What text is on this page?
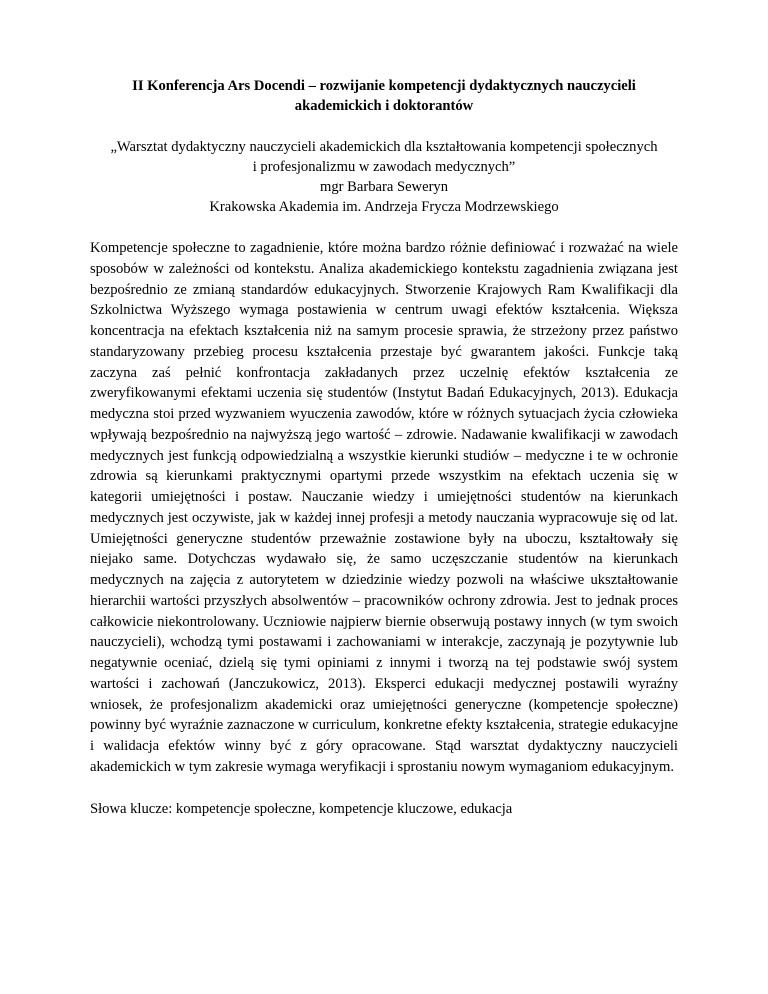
II Konferencja Ars Docendi – rozwijanie kompetencji dydaktycznych nauczycieli
akademickich i doktorantów
„Warsztat dydaktyczny nauczycieli akademickich dla kształtowania kompetencji społecznych
i profesjonalizmu w zawodach medycznych”
mgr Barbara Seweryn
Krakowska Akademia im. Andrzeja Frycza Modrzewskiego

Kompetencje społeczne to zagadnienie, które można bardzo różnie definiować i rozważać na wiele sposobów w zależności od kontekstu. Analiza akademickiego kontekstu zagadnienia związana jest bezpośrednio ze zmianą standardów edukacyjnych. Stworzenie Krajowych Ram Kwalifikacji dla Szkolnictwa Wyższego wymaga postawienia w centrum uwagi efektów kształcenia. Większa koncentracja na efektach kształcenia niż na samym procesie sprawia, że strzeżony przez państwo standaryzowany przebieg procesu kształcenia przestaje być gwarantem jakości. Funkcje taką zaczyna zaś pełnić konfrontacja zakładanych przez uczelnię efektów kształcenia ze zweryfikowanymi efektami uczenia się studentów (Instytut Badań Edukacyjnych, 2013). Edukacja medyczna stoi przed wyzwaniem wyuczenia zawodów, które w różnych sytuacjach życia człowieka wpływają bezpośrednio na najwyższą jego wartość – zdrowie. Nadawanie kwalifikacji w zawodach medycznych jest funkcją odpowiedzialną a wszystkie kierunki studiów – medyczne i te w ochronie zdrowia są kierunkami praktycznymi opartymi przede wszystkim na efektach uczenia się w kategorii umiejętności i postaw. Nauczanie wiedzy i umiejętności studentów na kierunkach medycznych jest oczywiste, jak w każdej innej profesji a metody nauczania wypracowuje się od lat. Umiejętności generyczne studentów przeważnie zostawione były na uboczu, kształtowały się niejako same. Dotychczas wydawało się, że samo uczęszczanie studentów na kierunkach medycznych na zajęcia z autorytetem w dziedzinie wiedzy pozwoli na właściwe ukształtowanie hierarchii wartości przyszłych absolwentów – pracowników ochrony zdrowia. Jest to jednak proces całkowicie niekontrolowany. Uczniowie najpierw biernie obserwują postawy innych (w tym swoich nauczycieli), wchodzą tymi postawami i zachowaniami w interakcje, zaczynają je pozytywnie lub negatywnie oceniać, dzielą się tymi opiniami z innymi i tworzą na tej podstawie swój system wartości i zachowań (Janczukowicz, 2013). Eksperci edukacji medycznej postawili wyraźny wniosek, że profesjonalizm akademicki oraz umiejętności generyczne (kompetencje społeczne) powinny być wyraźnie zaznaczone w curriculum, konkretne efekty kształcenia, strategie edukacyjne i walidacja efektów winny być z góry opracowane. Stąd warsztat dydaktyczny nauczycieli akademickich w tym zakresie wymaga weryfikacji i sprostaniu nowym wymaganiom edukacyjnym.

Słowa klucze: kompetencje społeczne, kompetencje kluczowe, edukacja
